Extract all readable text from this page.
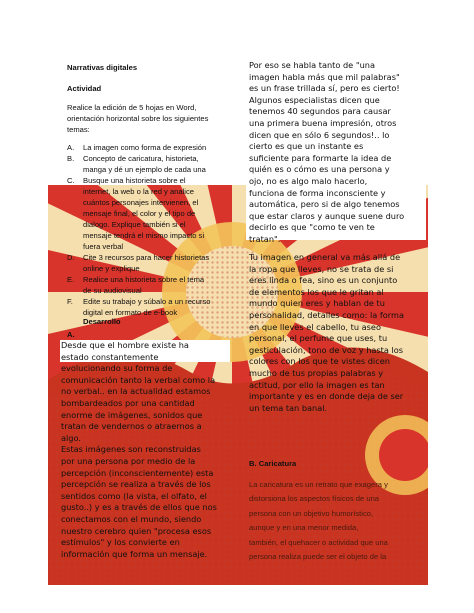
Narrativas digitales

Actividad

Realice la edición de 5 hojas en Word,
orientación horizontal sobre los siguientes
temas:
A. La imagen como forma de expresión
B. Concepto de caricatura, historieta,
manga y dé un ejemplo de cada una
C. Busque una historieta sobre el
internet, la web o la red y analice
cuántos personajes intervienen, el
mensaje final, el color y el tipo de
dialogo. Explique también si el
mensaje tendrá el mismo impacto si
fuera verbal
D. Cite 3 recursos para hacer historietas
online y explique
E. Realice una historieta sobre el tema
de su audiovisual
F. Edite su trabajo y súbalo a un recurso
digital en formato de e-book

Desarrollo

A.

Desde que el hombre existe ha
estado constantemente
evolucionando su forma de
comunicación tanto la verbal como la
no verbal.. en la actualidad estamos
bombardeados por una cantidad
enorme de imágenes, sonidos que
tratan de vendernos o atraernos a
algo.
Estas imágenes son reconstruidas
por una persona por medio de la
percepción (inconscientemente) esta
percepción se realiza a través de los
sentidos como (la vista, el olfato, el
gusto..) y es a través de ellos que nos
conectamos con el mundo, siendo
nuestro cerebro quien "procesa esos
estímulos" y los convierte en
información que forma un mensaje.
Por eso se habla tanto de "una
imagen habla más que mil palabras"
es un frase trillada sí, pero es cierto!
Algunos especialistas dicen que
tenemos 40 segundos para causar
una primera buena impresión, otros
dicen que en sólo 6 segundos!.. lo
cierto es que un instante es
suficiente para formarte la idea de
quién es o cómo es una persona y
ojo, no es algo malo hacerlo,
funciona de forma inconsciente y
automática, pero si de algo tenemos
que estar claros y aunque suene duro
decirlo es que "como te ven te
tratan".
Tu imagen en general va más allá de
la ropa que lleves, no se trata de si
eres linda o fea, sino es un conjunto
de elementos los que le gritan al
mundo quien eres y hablan de tu
personalidad, detalles como: la forma
en que lleves el cabello, tu aseo
personal, el perfume que uses, tu
gesticulación, tono de voz y hasta los
colores con los que te vistes dicen
mucho de tus propias palabras y
actitud, por ello la imagen es tan
importante y es en donde deja de ser
un tema tan banal.

B. Caricatura

La caricatura es un retrato que exagera y
distorsiona los aspectos físicos de una
persona con un objetivo humorístico,
aunque y en una menor medida,
también, el quehacer o actividad que una
persona realiza puede ser el objeto de la
